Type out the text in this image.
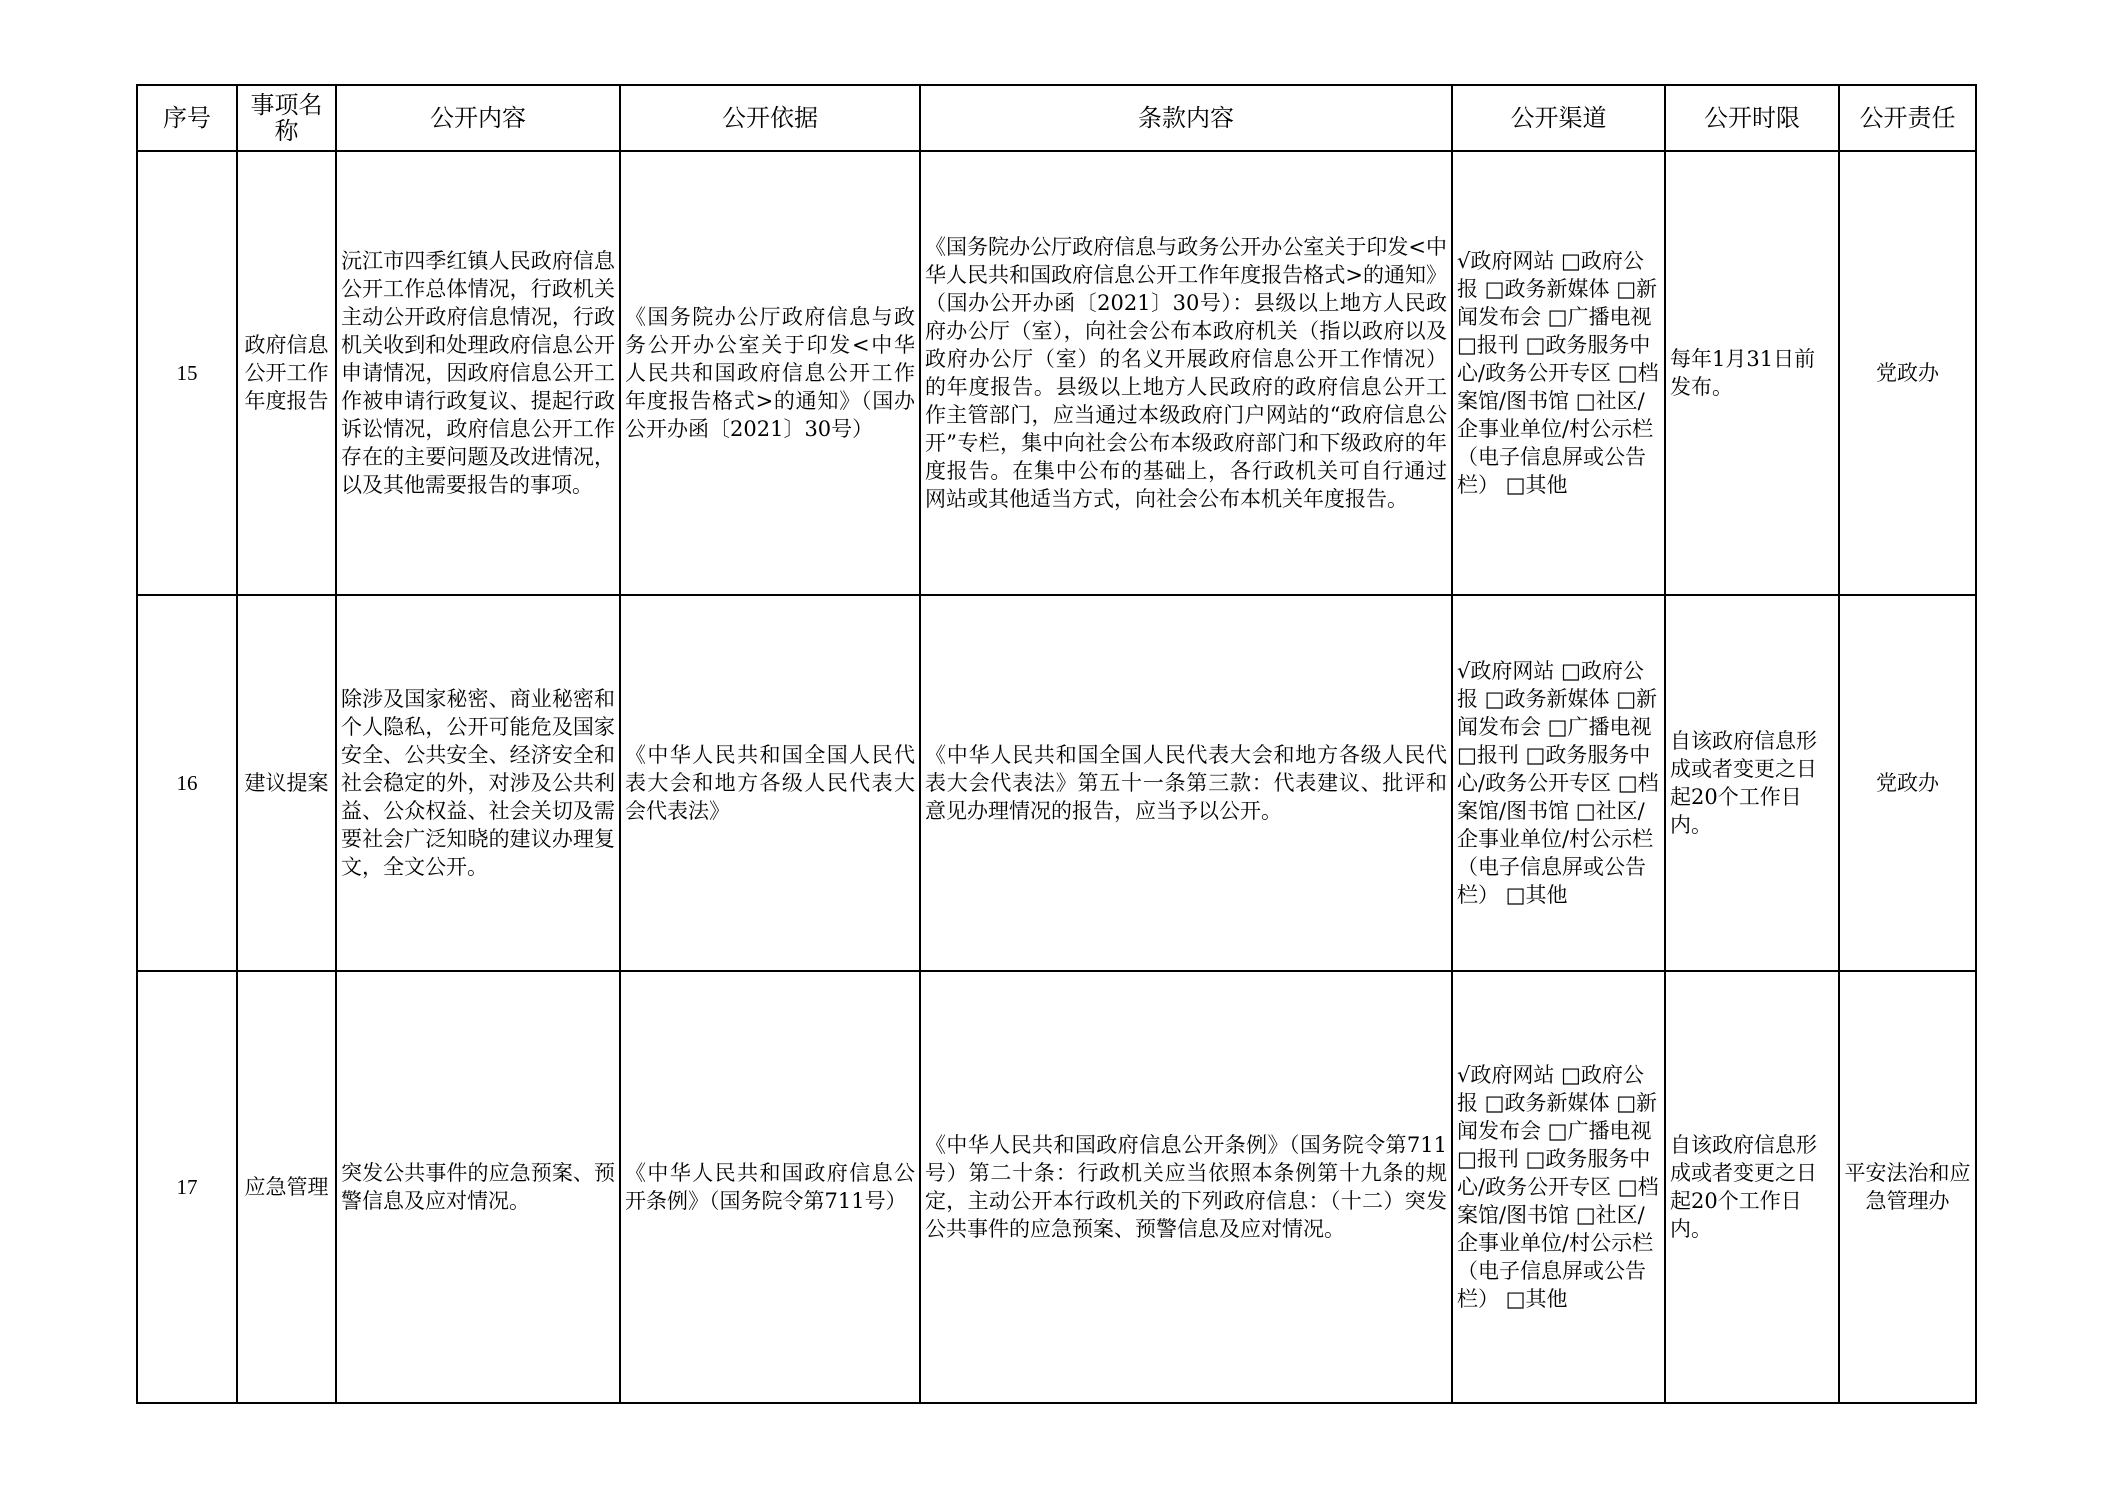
序号	事项名称	公开内容	公开依据	条款内容	公开渠道	公开时限	公开责任
15	政府信息公开工作年度报告	沅江市四季红镇人民政府信息公开工作总体情况，行政机关主动公开政府信息情况，行政机关收到和处理政府信息公开申请情况，因政府信息公开工作被申请行政复议、提起行政诉讼情况，政府信息公开工作存在的主要问题及改进情况，以及其他需要报告的事项。	《国务院办公厅政府信息与政务公开办公室关于印发<中华人民共和国政府信息公开工作年度报告格式>的通知》（国办公开办函〔2021〕30号）	《国务院办公厅政府信息与政务公开办公室关于印发<中华人民共和国政府信息公开工作年度报告格式>的通知》（国办公开办函〔2021〕30号）：县级以上地方人民政府办公厅（室），向社会公布本政府机关（指以政府以及政府办公厅（室）的名义开展政府信息公开工作情况）的年度报告。县级以上地方人民政府的政府信息公开工作主管部门，应当通过本级政府门户网站的“政府信息公开”专栏，集中向社会公布本级政府部门和下级政府的年度报告。在集中公布的基础上，各行政机关可自行通过网站或其他适当方式，向社会公布本机关年度报告。	√政府网站 □政府公报 □政务新媒体 □新闻发布会 □广播电视 □报刊 □政务服务中心/政务公开专区 □档案馆/图书馆 □社区/企事业单位/村公示栏（电子信息屏或公告栏） □其他	每年1月31日前发布。	党政办
16	建议提案	除涉及国家秘密、商业秘密和个人隐私，公开可能危及国家安全、公共安全、经济安全和社会稳定的外，对涉及公共利益、公众权益、社会关切及需要社会广泛知晓的建议办理复文，全文公开。	《中华人民共和国全国人民代表大会和地方各级人民代表大会代表法》	《中华人民共和国全国人民代表大会和地方各级人民代表大会代表法》第五十一条第三款：代表建议、批评和意见办理情况的报告，应当予以公开。	√政府网站 □政府公报 □政务新媒体 □新闻发布会 □广播电视 □报刊 □政务服务中心/政务公开专区 □档案馆/图书馆 □社区/企事业单位/村公示栏（电子信息屏或公告栏） □其他	自该政府信息形成或者变更之日起20个工作日内。	党政办
17	应急管理	突发公共事件的应急预案、预警信息及应对情况。	《中华人民共和国政府信息公开条例》（国务院令第711号）	《中华人民共和国政府信息公开条例》（国务院令第711号）第二十条：行政机关应当依照本条例第十九条的规定，主动公开本行政机关的下列政府信息：（十二）突发公共事件的应急预案、预警信息及应对情况。	√政府网站 □政府公报 □政务新媒体 □新闻发布会 □广播电视 □报刊 □政务服务中心/政务公开专区 □档案馆/图书馆 □社区/企事业单位/村公示栏（电子信息屏或公告栏） □其他	自该政府信息形成或者变更之日起20个工作日内。	平安法治和应急管理办
